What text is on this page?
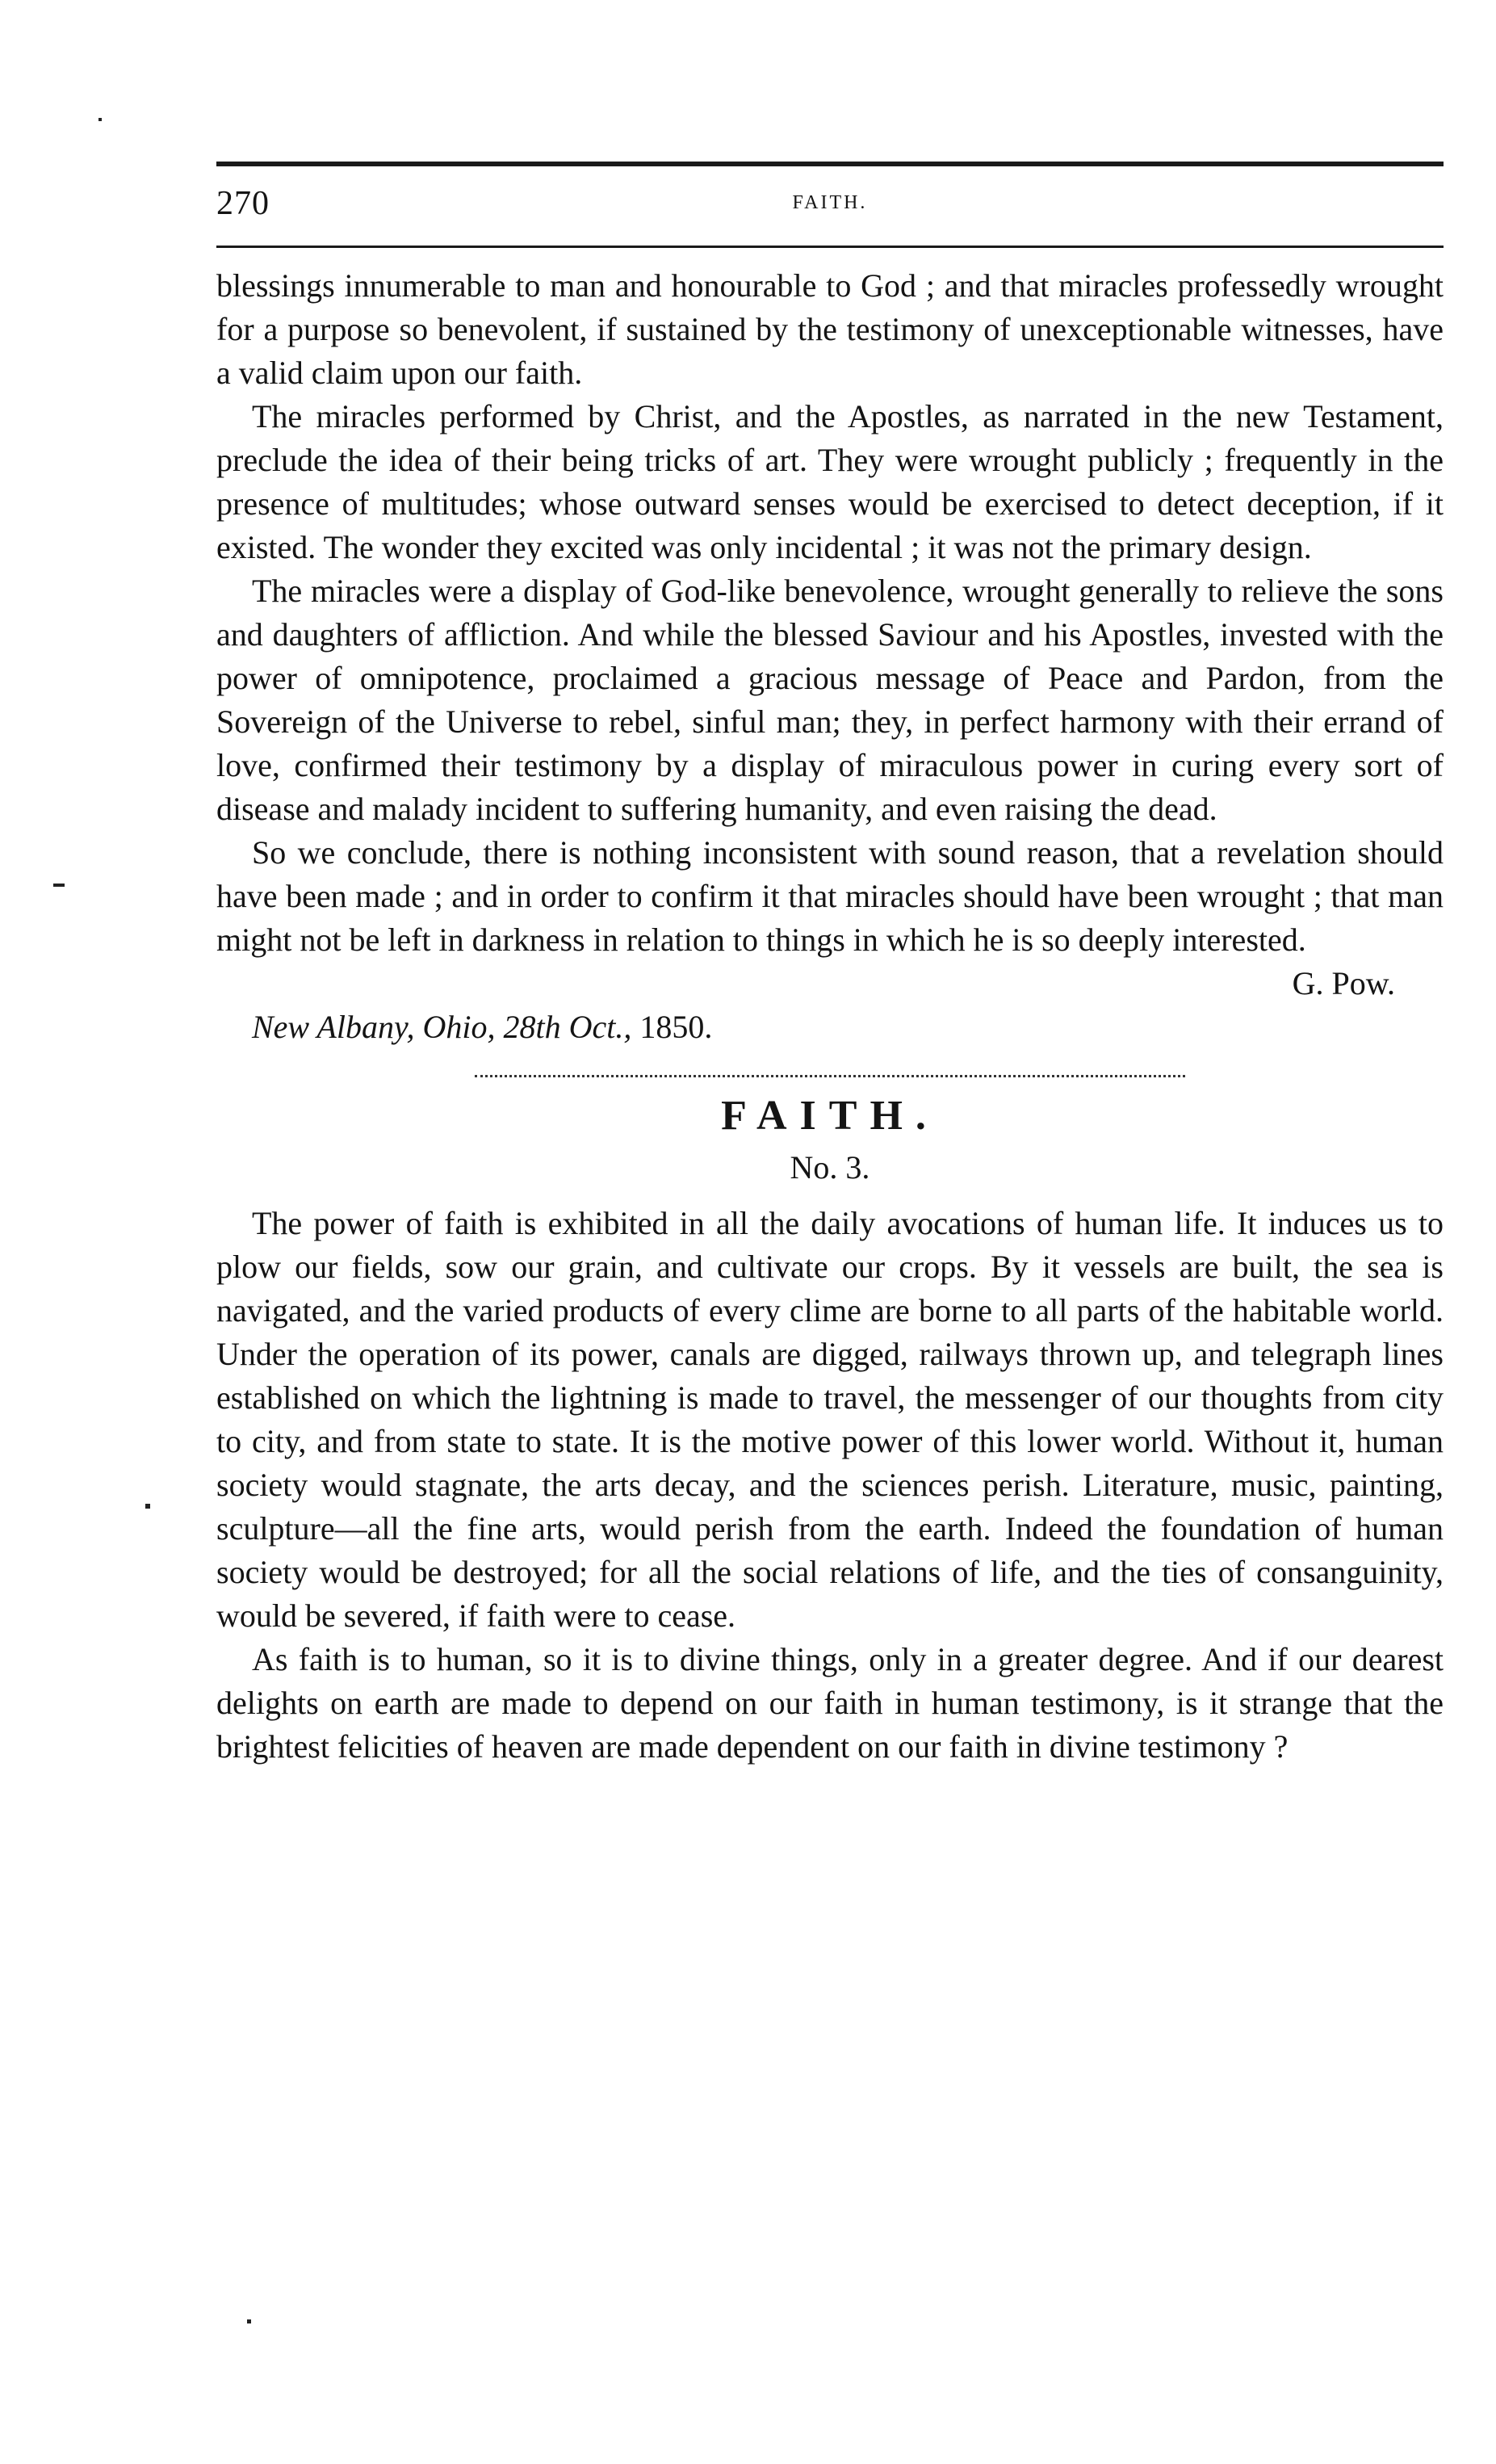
270	FAITH.

blessings innumerable to man and honourable to God ; and that miracles professedly wrought for a purpose so benevolent, if sustained by the testimony of unexceptionable witnesses, have a valid claim upon our faith.

The miracles performed by Christ, and the Apostles, as narrated in the new Testament, preclude the idea of their being tricks of art. They were wrought publicly ; frequently in the presence of multitudes; whose outward senses would be exercised to detect deception, if it existed. The wonder they excited was only incidental ; it was not the primary design.

The miracles were a display of God-like benevolence, wrought generally to relieve the sons and daughters of affliction. And while the blessed Saviour and his Apostles, invested with the power of omnipotence, proclaimed a gracious message of Peace and Pardon, from the Sovereign of the Universe to rebel, sinful man; they, in perfect harmony with their errand of love, confirmed their testimony by a display of miraculous power in curing every sort of disease and malady incident to suffering humanity, and even raising the dead.

So we conclude, there is nothing inconsistent with sound reason, that a revelation should have been made ; and in order to confirm it that miracles should have been wrought ; that man might not be left in darkness in relation to things in which he is so deeply interested.

G. Pow.

New Albany, Ohio, 28th Oct., 1850.

FAITH.

No. 3.

The power of faith is exhibited in all the daily avocations of human life. It induces us to plow our fields, sow our grain, and cultivate our crops. By it vessels are built, the sea is navigated, and the varied products of every clime are borne to all parts of the habitable world. Under the operation of its power, canals are digged, railways thrown up, and telegraph lines established on which the lightning is made to travel, the messenger of our thoughts from city to city, and from state to state. It is the motive power of this lower world. Without it, human society would stagnate, the arts decay, and the sciences perish. Literature, music, painting, sculpture—all the fine arts, would perish from the earth. Indeed the foundation of human society would be destroyed; for all the social relations of life, and the ties of consanguinity, would be severed, if faith were to cease.

As faith is to human, so it is to divine things, only in a greater degree. And if our dearest delights on earth are made to depend on our faith in human testimony, is it strange that the brightest felicities of heaven are made dependent on our faith in divine testimony ?
